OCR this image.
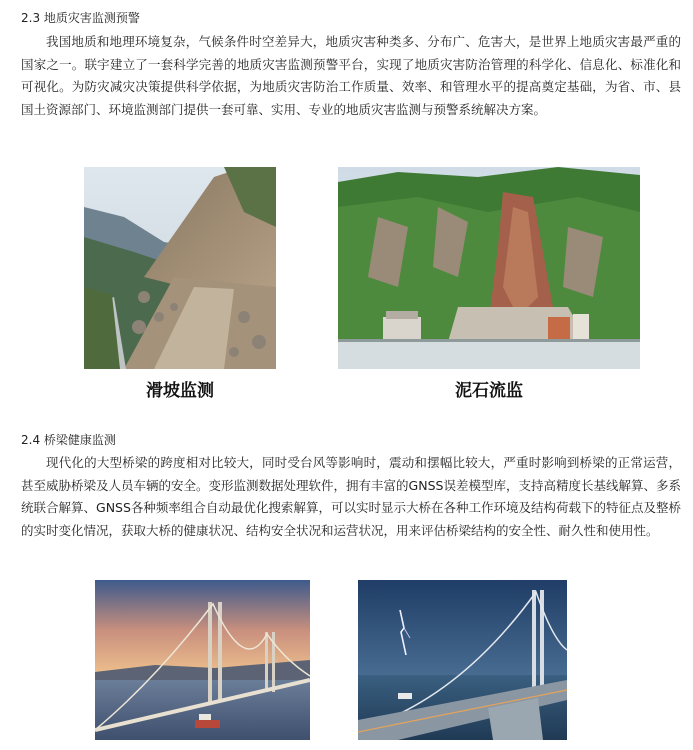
2.3 地质灾害监测预警

我国地质和地理环境复杂，气候条件时空差异大，地质灾害种类多、分布广、危害大，是世界上地质灾害最严重的国家之一。联宇建立了一套科学完善的地质灾害监测预警平台，实现了地质灾害防治管理的科学化、信息化、标准化和可视化。为防灾减灾决策提供科学依据，为地质灾害防治工作质量、效率、和管理水平的提高奠定基础，为省、市、县国土资源部门、环境监测部门提供一套可靠、实用、专业的地质灾害监测与预警系统解决方案。

滑坡监测	泥石流监
2.4 桥梁健康监测

现代化的大型桥梁的跨度相对比较大，同时受台风等影响时，震动和摆幅比较大，严重时影响到桥梁的正常运营，甚至威胁桥梁及人员车辆的安全。变形监测数据处理软件，拥有丰富的GNSS误差模型库，支持高精度长基线解算、多系统联合解算、GNSS各种频率组合自动最优化搜索解算，可以实时显示大桥在各种工作环境及结构荷载下的特征点及整桥的实时变化情况，获取大桥的健康状况、结构安全状况和运营状况，用来评估桥梁结构的安全性、耐久性和使用性。
